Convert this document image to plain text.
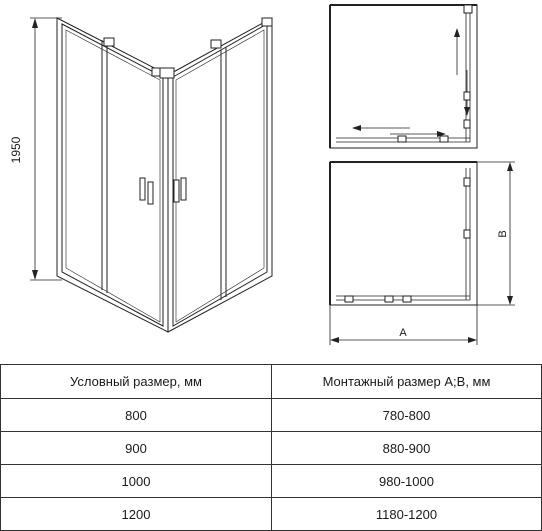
1950
A
B
Условный размер, мм	Монтажный размер A;B, мм
800	780-800
900	880-900
1000	980-1000
1200	1180-1200
